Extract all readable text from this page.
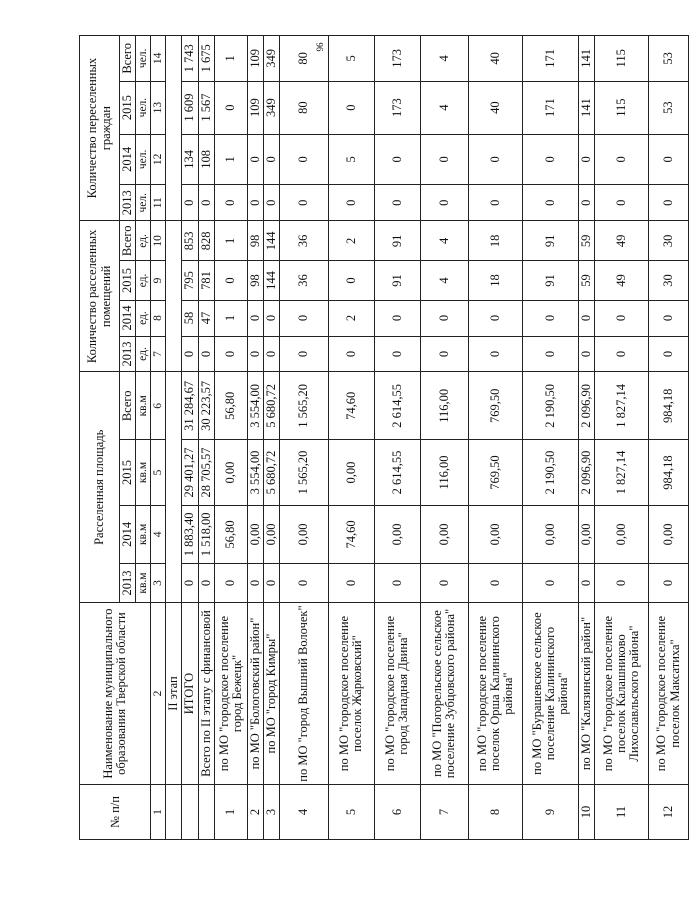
96
№ п/п	Наименование муниципального образования Тверской области	Расселенная площадь				Количество расселенных помещений				Количество переселенных граждан			
		2013	2014	2015	Всего	2013	2014	2015	Всего	2013	2014	2015	Всего
		кв.м	кв.м	кв.м	кв.м	ед.	ед.	ед.	ед.	чел.	чел.	чел.	чел.
1	2	3	4	5	6	7	8	9	10	11	12	13	14
	II этап												
	ИТОГО	0	1 883,40	29 401,27	31 284,67	0	58	795	853	0	134	1 609	1 743
	Всего по II этапу с финансовой	0	1 518,00	28 705,57	30 223,57	0	47	781	828	0	108	1 567	1 675
1	по МО "городское поселение город Бежецк"	0	56,80	0,00	56,80	0	1	0	1	0	1	0	1
2	по МО "Бологовский район"	0	0,00	3 554,00	3 554,00	0	0	98	98	0	0	109	109
3	по МО "город Кимры"	0	0,00	5 680,72	5 680,72	0	0	144	144	0	0	349	349
4	по МО "город Вышний Волочек"	0	0,00	1 565,20	1 565,20	0	0	36	36	0	0	80	80
5	по МО "городское поселение поселок Жарковский"	0	74,60	0,00	74,60	0	2	0	2	0	5	0	5
6	по МО "городское поселение город Западная Двина"	0	0,00	2 614,55	2 614,55	0	0	91	91	0	0	173	173
7	по МО "Погорельское сельское поселение Зубцовского района"	0	0,00	116,00	116,00	0	0	4	4	0	0	4	4
8	по МО "городское поселение поселок Орша Калининского района"	0	0,00	769,50	769,50	0	0	18	18	0	0	40	40
9	по МО "Бурашевское сельское поселение Калининского района"	0	0,00	2 190,50	2 190,50	0	0	91	91	0	0	171	171
10	по МО "Калязинский район"	0	0,00	2 096,90	2 096,90	0	0	59	59	0	0	141	141
11	по МО "городское поселение поселок Калашниково Лихославльского района"	0	0,00	1 827,14	1 827,14	0	0	49	49	0	0	115	115
12	по МО "городское поселение поселок Максатиха"	0	0,00	984,18	984,18	0	0	30	30	0	0	53	53
